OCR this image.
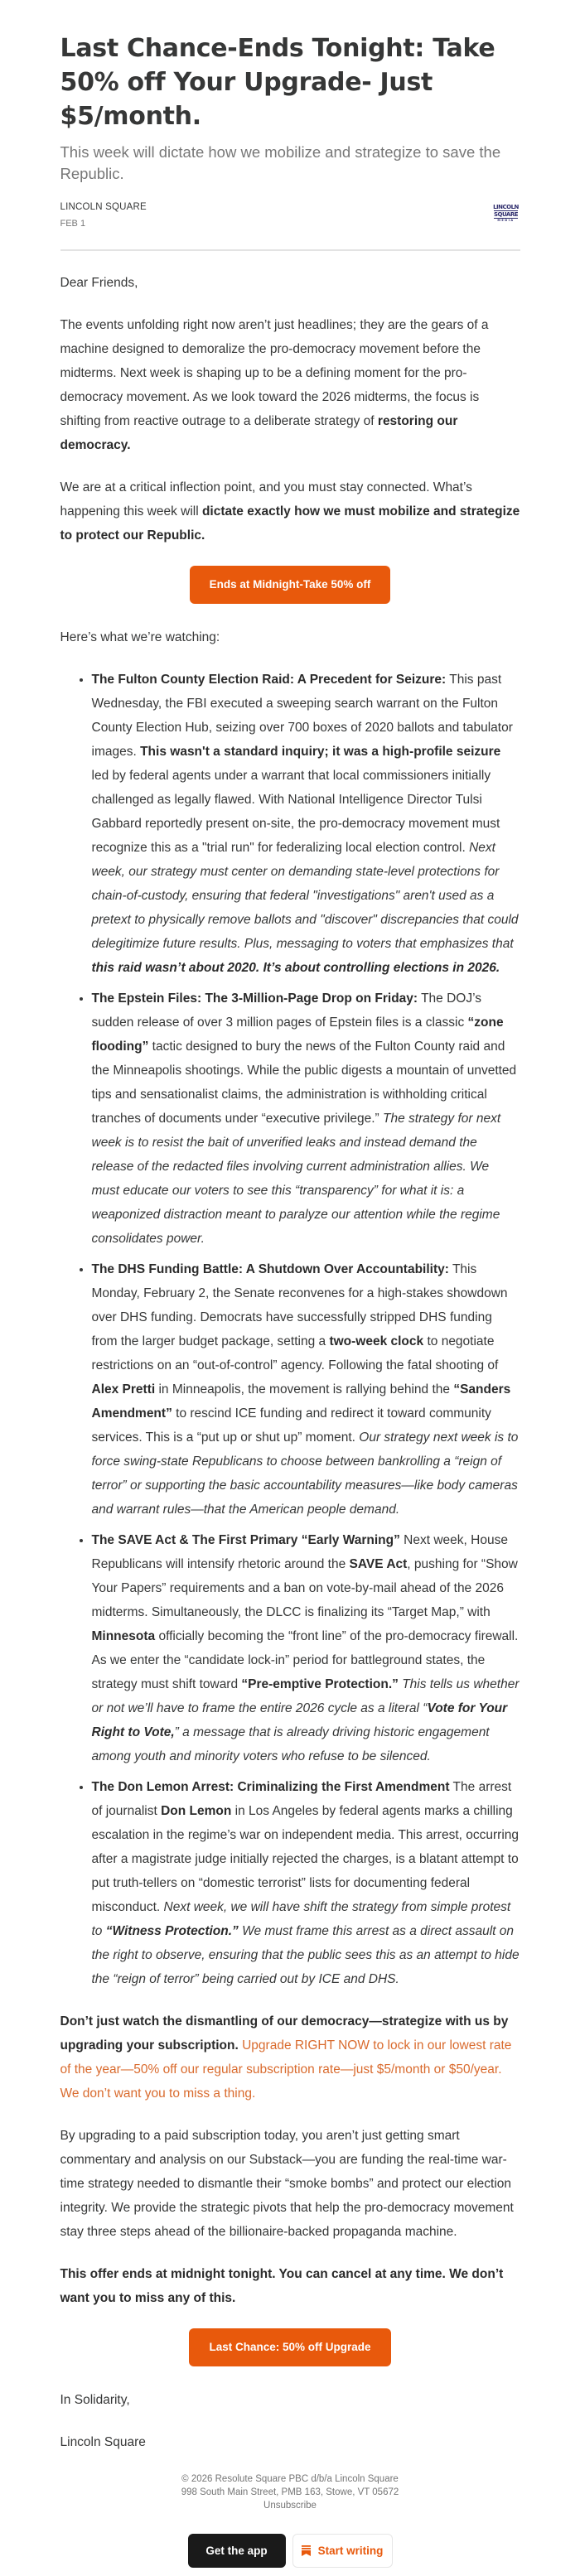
Last Chance-Ends Tonight: Take 50% off Your Upgrade- Just $5/month.
This week will dictate how we mobilize and strategize to save the Republic.
LINCOLN SQUARE
FEB 1
LINCOLN
SQUARE
MEDIA

Dear Friends,

The events unfolding right now aren’t just headlines; they are the gears of a machine designed to demoralize the pro-democracy movement before the midterms. Next week is shaping up to be a defining moment for the pro-democracy movement. As we look toward the 2026 midterms, the focus is shifting from reactive outrage to a deliberate strategy of restoring our democracy.

We are at a critical inflection point, and you must stay connected. What’s happening this week will dictate exactly how we must mobilize and strategize to protect our Republic.

Ends at Midnight-Take 50% off

Here’s what we’re watching:

• The Fulton County Election Raid: A Precedent for Seizure: This past Wednesday, the FBI executed a sweeping search warrant on the Fulton County Election Hub, seizing over 700 boxes of 2020 ballots and tabulator images. This wasn't a standard inquiry; it was a high-profile seizure led by federal agents under a warrant that local commissioners initially challenged as legally flawed. With National Intelligence Director Tulsi Gabbard reportedly present on-site, the pro-democracy movement must recognize this as a "trial run" for federalizing local election control. Next week, our strategy must center on demanding state-level protections for chain-of-custody, ensuring that federal "investigations" aren't used as a pretext to physically remove ballots and "discover" discrepancies that could delegitimize future results. Plus, messaging to voters that emphasizes that this raid wasn’t about 2020. It’s about controlling elections in 2026.
• The Epstein Files: The 3-Million-Page Drop on Friday: The DOJ’s sudden release of over 3 million pages of Epstein files is a classic “zone flooding” tactic designed to bury the news of the Fulton County raid and the Minneapolis shootings. While the public digests a mountain of unvetted tips and sensationalist claims, the administration is withholding critical tranches of documents under “executive privilege.” The strategy for next week is to resist the bait of unverified leaks and instead demand the release of the redacted files involving current administration allies. We must educate our voters to see this “transparency” for what it is: a weaponized distraction meant to paralyze our attention while the regime consolidates power.
• The DHS Funding Battle: A Shutdown Over Accountability: This Monday, February 2, the Senate reconvenes for a high-stakes showdown over DHS funding. Democrats have successfully stripped DHS funding from the larger budget package, setting a two-week clock to negotiate restrictions on an “out-of-control” agency. Following the fatal shooting of Alex Pretti in Minneapolis, the movement is rallying behind the “Sanders Amendment” to rescind ICE funding and redirect it toward community services. This is a “put up or shut up” moment. Our strategy next week is to force swing-state Republicans to choose between bankrolling a “reign of terror” or supporting the basic accountability measures—like body cameras and warrant rules—that the American people demand.
• The SAVE Act & The First Primary “Early Warning” Next week, House Republicans will intensify rhetoric around the SAVE Act, pushing for “Show Your Papers” requirements and a ban on vote-by-mail ahead of the 2026 midterms. Simultaneously, the DLCC is finalizing its “Target Map,” with Minnesota officially becoming the “front line” of the pro-democracy firewall. As we enter the “candidate lock-in” period for battleground states, the strategy must shift toward “Pre-emptive Protection.” This tells us whether or not we’ll have to frame the entire 2026 cycle as a literal “Vote for Your Right to Vote,” a message that is already driving historic engagement among youth and minority voters who refuse to be silenced.
• The Don Lemon Arrest: Criminalizing the First Amendment The arrest of journalist Don Lemon in Los Angeles by federal agents marks a chilling escalation in the regime’s war on independent media. This arrest, occurring after a magistrate judge initially rejected the charges, is a blatant attempt to put truth-tellers on “domestic terrorist” lists for documenting federal misconduct. Next week, we will have shift the strategy from simple protest to “Witness Protection.” We must frame this arrest as a direct assault on the right to observe, ensuring that the public sees this as an attempt to hide the “reign of terror” being carried out by ICE and DHS.

Don’t just watch the dismantling of our democracy—strategize with us by upgrading your subscription. Upgrade RIGHT NOW to lock in our lowest rate of the year—50% off our regular subscription rate—just $5/month or $50/year. We don’t want you to miss a thing.

By upgrading to a paid subscription today, you aren’t just getting smart commentary and analysis on our Substack—you are funding the real-time war-time strategy needed to dismantle their “smoke bombs” and protect our election integrity. We provide the strategic pivots that help the pro-democracy movement stay three steps ahead of the billionaire-backed propaganda machine.

This offer ends at midnight tonight. You can cancel at any time. We don’t want you to miss any of this.

Last Chance: 50% off Upgrade

In Solidarity,

Lincoln Square

© 2026 Resolute Square PBC d/b/a Lincoln Square
998 South Main Street, PMB 163, Stowe, VT 05672
Unsubscribe
Get the app	Start writing
